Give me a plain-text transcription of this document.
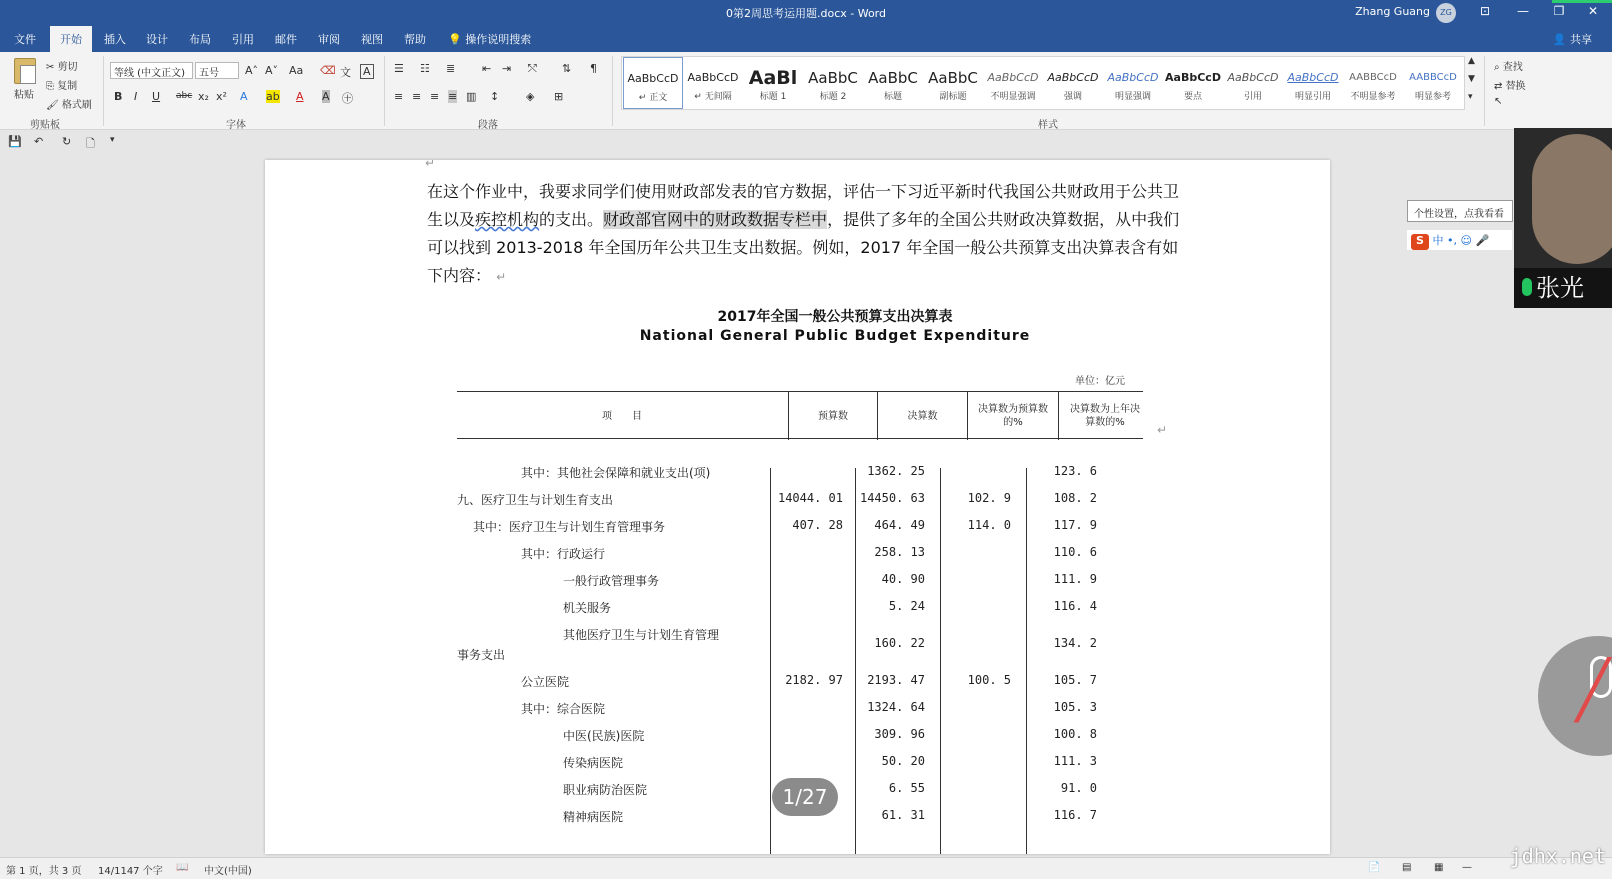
0第2周思考运用题.docx - Word	Zhang Guang	ZG	⊡	—	❐	✕
文件	开始	插入 设计 布局 引用 邮件 审阅 视图 帮助 💡 操作说明搜索	👤 共享
粘贴
✂ 剪切
⎘ 复制
🖌 格式刷
剪贴板
等线 (中文正文)	五号	A˄ A˅ Aa ⌫ 文 A
B I U abc x₂ x² A ab A A ㊉
字体
☰ ☷ ≣ ⇤ ⇥ ⤲ ⇅ ¶
≡ ≡ ≡ ≡ ▥ ↕ ◈ ⊞
段落
AaBbCcD
↵ 正文
AaBbCcD
↵ 无间隔
AaBl
标题 1
AaBbC
标题 2
AaBbC
标题
AaBbC
副标题
AaBbCcD
不明显强调
AaBbCcD
强调
AaBbCcD
明显强调
AaBbCcD
要点
AaBbCcD
引用
AaBbCcD
明显引用
AABBCcD
不明显参考
AABBCcD
明显参考
▲
▼
▾
样式
⌕ 查找
⇄ 替换
↖
💾 ↶ ↻ 🗋 ▾
↵
在这个作业中，我要求同学们使用财政部发表的官方数据，评估一下习近平新时代我国公共财政用于公共卫生以及疾控机构的支出。财政部官网中的财政数据专栏中，提供了多年的全国公共财政决算数据，从中我们可以找到 2013-2018 年全国历年公共卫生支出数据。例如，2017 年全国一般公共预算支出决算表含有如下内容： ↵
2017年全国一般公共预算支出决算表
National General Public Budget Expenditure
单位：亿元
↵
项　　目	预算数	决算数
决算数为预算数的%
决算数为上年决算数的%
其中：其他社会保障和就业支出(项)	1362. 25	123. 6
九、医疗卫生与计划生育支出	14044. 01	14450. 63	102. 9	108. 2
其中：医疗卫生与计划生育管理事务	407. 28	464. 49	114. 0	117. 9
其中：行政运行	258. 13	110. 6
一般行政管理事务	40. 90	111. 9
机关服务	5. 24	116. 4
其他医疗卫生与计划生育管理
事务支出
160. 22	134. 2
公立医院	2182. 97	2193. 47	100. 5	105. 7
其中：综合医院	1324. 64	105. 3
中医(民族)医院	309. 96	100. 8
传染病医院	50. 20	111. 3
职业病防治医院	6. 55	91. 0
精神病医院	61. 31	116. 7
1/27
个性设置，点我看看
S 中 •, ☺ 🎤
张光
╱
第 1 页，共 3 页 14/1147 个字 📖 中文(中国)	📄 ▤ ▦ — jdhx.net
